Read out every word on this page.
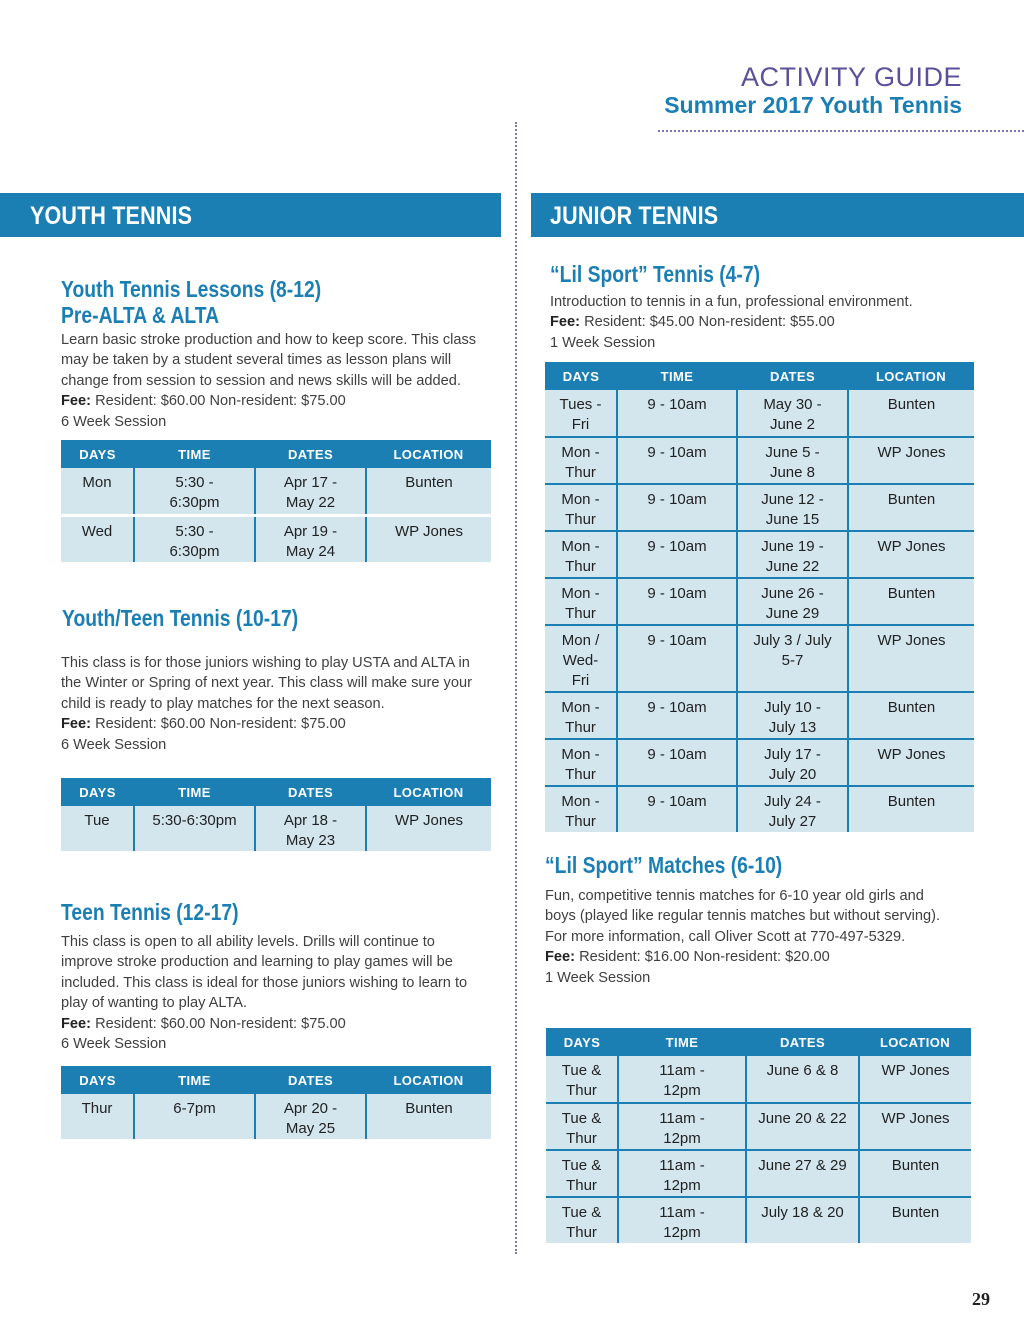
ACTIVITY GUIDE
Summer 2017 Youth Tennis
YOUTH TENNIS	JUNIOR TENNIS
Youth Tennis Lessons (8-12)
Pre-ALTA & ALTA
Learn basic stroke production and how to keep score. This class may be taken by a student several times as lesson plans will change from session to session and news skills will be added.
Fee: Resident: $60.00 Non-resident: $75.00
6 Week Session
DAYS	TIME	DATES	LOCATION
Mon	5:30 - 6:30pm	Apr 17 - May 22	Bunten
Wed	5:30 - 6:30pm	Apr 19 - May 24	WP Jones
Youth/Teen Tennis (10-17)
This class is for those juniors wishing to play USTA and ALTA in the Winter or Spring of next year. This class will make sure your child is ready to play matches for the next season.
Fee: Resident: $60.00 Non-resident: $75.00
6 Week Session
DAYS	TIME	DATES	LOCATION
Tue	5:30-6:30pm	Apr 18 - May 23	WP Jones
Teen Tennis (12-17)
This class is open to all ability levels. Drills will continue to improve stroke production and learning to play games will be included. This class is ideal for those juniors wishing to learn to play of wanting to play ALTA.
Fee: Resident: $60.00 Non-resident: $75.00
6 Week Session
DAYS	TIME	DATES	LOCATION
Thur	6-7pm	Apr 20 - May 25	Bunten
“Lil Sport” Tennis (4-7)
Introduction to tennis in a fun, professional environment.
Fee: Resident: $45.00 Non-resident: $55.00
1 Week Session
DAYS	TIME	DATES	LOCATION
Tues - Fri	9 - 10am	May 30 - June 2	Bunten
Mon - Thur	9 - 10am	June 5 - June 8	WP Jones
Mon - Thur	9 - 10am	June 12 - June 15	Bunten
Mon - Thur	9 - 10am	June 19 - June 22	WP Jones
Mon - Thur	9 - 10am	June 26 - June 29	Bunten
Mon / Wed-Fri	9 - 10am	July 3 / July 5-7	WP Jones
Mon - Thur	9 - 10am	July 10 - July 13	Bunten
Mon - Thur	9 - 10am	July 17 - July 20	WP Jones
Mon - Thur	9 - 10am	July 24 - July 27	Bunten
“Lil Sport” Matches (6-10)
Fun, competitive tennis matches for 6-10 year old girls and boys (played like regular tennis matches but without serving). For more information, call Oliver Scott at 770-497-5329.
Fee: Resident: $16.00 Non-resident: $20.00
1 Week Session
DAYS	TIME	DATES	LOCATION
Tue & Thur	11am - 12pm	June 6 & 8	WP Jones
Tue & Thur	11am - 12pm	June 20 & 22	WP Jones
Tue & Thur	11am - 12pm	June 27 & 29	Bunten
Tue & Thur	11am - 12pm	July 18 & 20	Bunten
29
